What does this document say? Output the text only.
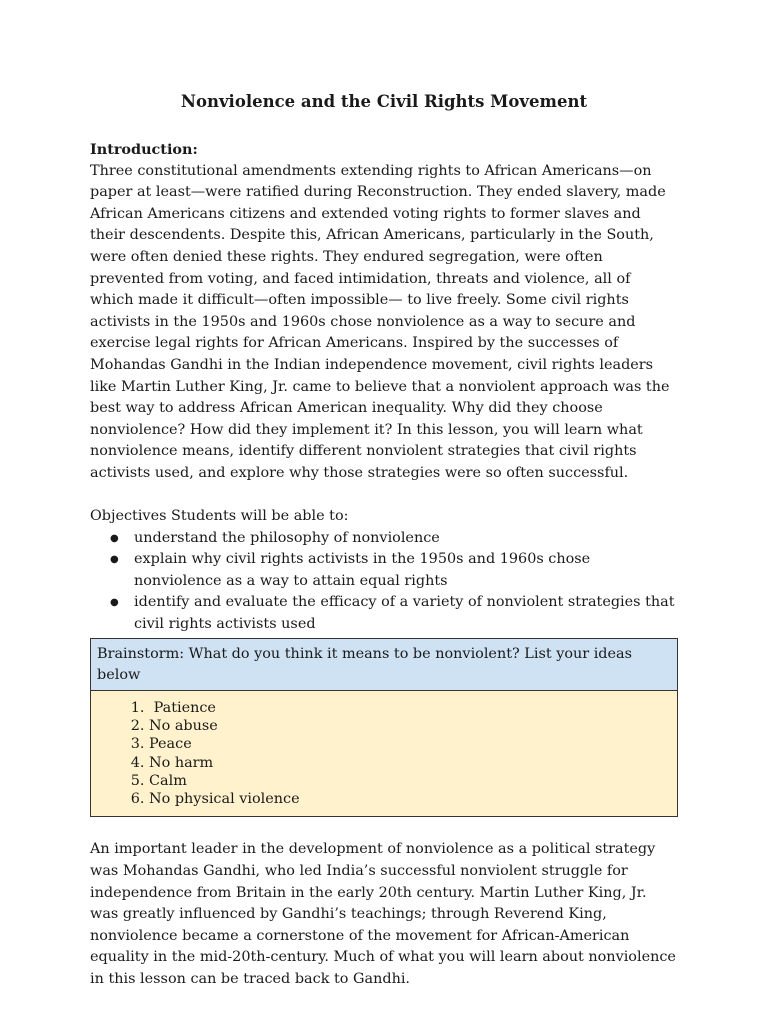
Nonviolence and the Civil Rights Movement

Introduction:

Three constitutional amendments extending rights to African Americans—on paper at least—were ratified during Reconstruction. They ended slavery, made African Americans citizens and extended voting rights to former slaves and their descendents. Despite this, African Americans, particularly in the South, were often denied these rights. They endured segregation, were often prevented from voting, and faced intimidation, threats and violence, all of which made it difficult—often impossible— to live freely. Some civil rights activists in the 1950s and 1960s chose nonviolence as a way to secure and exercise legal rights for African Americans. Inspired by the successes of Mohandas Gandhi in the Indian independence movement, civil rights leaders like Martin Luther King, Jr. came to believe that a nonviolent approach was the best way to address African American inequality. Why did they choose nonviolence? How did they implement it? In this lesson, you will learn what nonviolence means, identify different nonviolent strategies that civil rights activists used, and explore why those strategies were so often successful.

Objectives Students will be able to:

● understand the philosophy of nonviolence
● explain why civil rights activists in the 1950s and 1960s chose nonviolence as a way to attain equal rights
● identify and evaluate the efficacy of a variety of nonviolent strategies that civil rights activists used
Brainstorm: What do you think it means to be nonviolent? List your ideas below
1.  Patience
2. No abuse
3. Peace
4. No harm
5. Calm
6. No physical violence

An important leader in the development of nonviolence as a political strategy was Mohandas Gandhi, who led India’s successful nonviolent struggle for independence from Britain in the early 20th century. Martin Luther King, Jr. was greatly influenced by Gandhi’s teachings; through Reverend King, nonviolence became a cornerstone of the movement for African-American equality in the mid-20th-century. Much of what you will learn about nonviolence in this lesson can be traced back to Gandhi.
